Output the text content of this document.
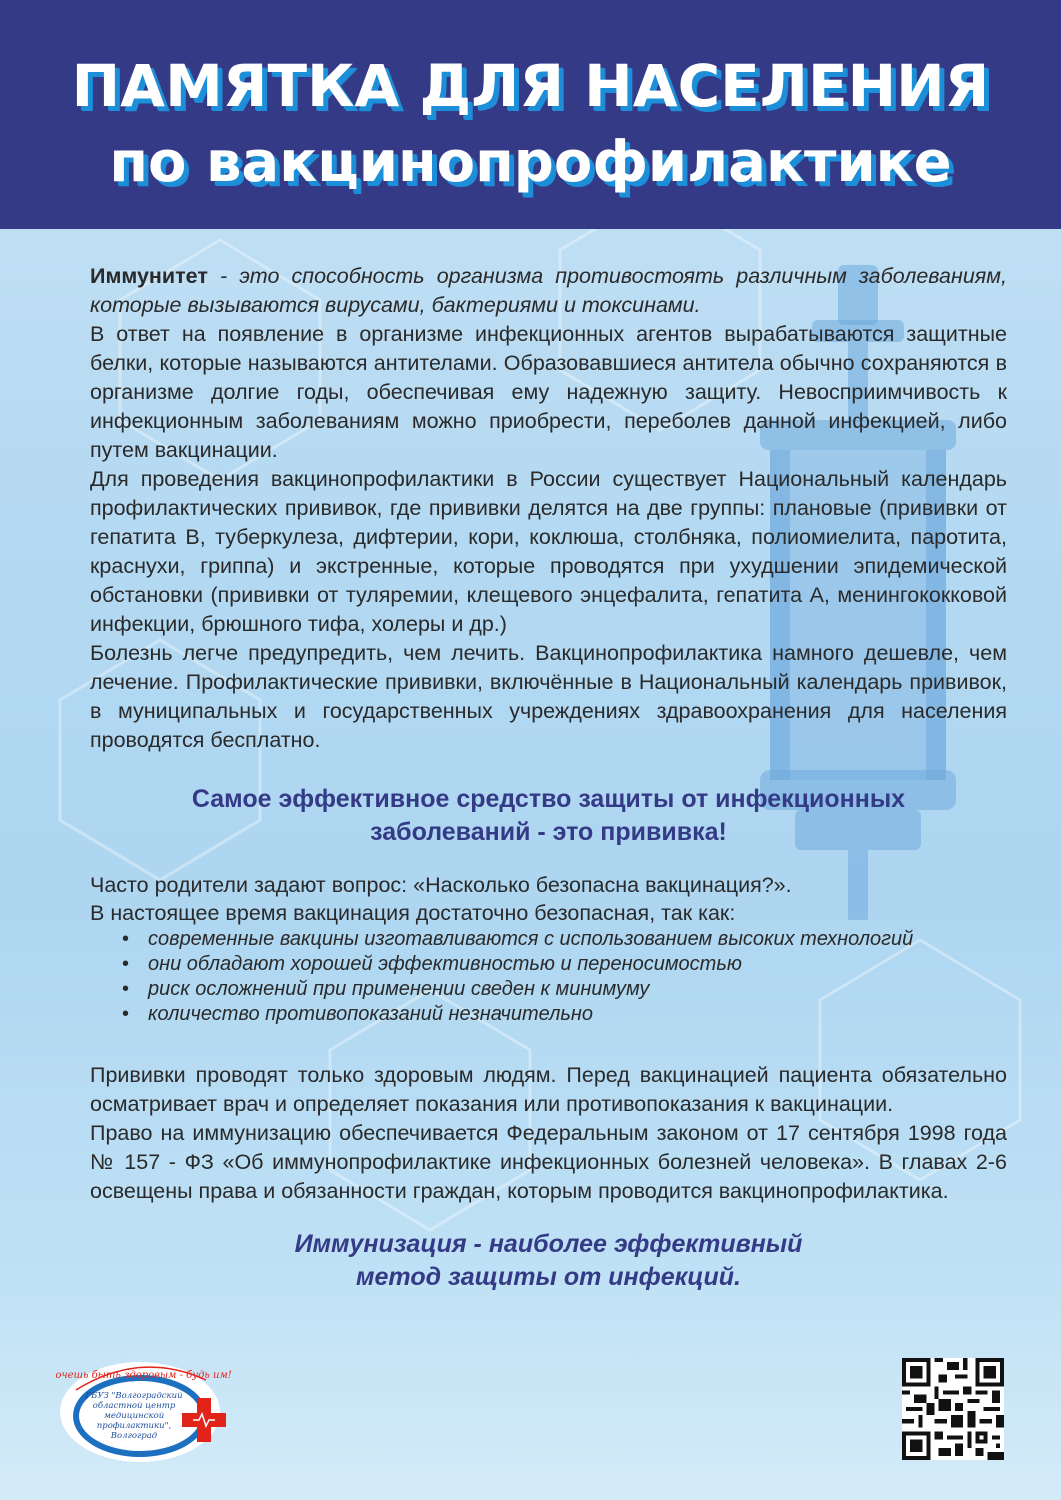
ПАМЯТКА ДЛЯ НАСЕЛЕНИЯ
по вакцинопрофилактике

Иммунитет - это способность организма противостоять различным заболеваниям, которые вызываются вирусами, бактериями и токсинами.

В ответ на появление в организме инфекционных агентов вырабатываются защитные белки, которые называются антителами. Образовавшиеся антитела обычно сохраняются в организме долгие годы, обеспечивая ему надежную защиту. Невосприимчивость к инфекционным заболеваниям можно приобрести, переболев данной инфекцией, либо путем вакцинации.

Для проведения вакцинопрофилактики в России существует Национальный календарь профилактических прививок, где прививки делятся на две группы: плановые (прививки от гепатита В, туберкулеза, дифтерии, кори, коклюша, столбняка, полиомиелита, паротита, краснухи, гриппа) и экстренные, которые проводятся при ухудшении эпидемической обстановки (прививки от туляремии, клещевого энцефалита, гепатита А, менингококковой инфекции, брюшного тифа, холеры и др.)

Болезнь легче предупредить, чем лечить. Вакцинопрофилактика намного дешевле, чем лечение. Профилактические прививки, включённые в Национальный календарь прививок, в муниципальных и государственных учреждениях здравоохранения для населения проводятся бесплатно.

Самое эффективное средство защиты от инфекционных
заболеваний - это прививка!

Часто родители задают вопрос: «Насколько безопасна вакцинация?».

В настоящее время вакцинация достаточно безопасная, так как:

• современные вакцины изготавливаются с использованием высоких технологий
• они обладают хорошей эффективностью и переносимостью
• риск осложнений при применении сведен к минимуму
• количество противопоказаний незначительно

Прививки проводят только здоровым людям. Перед вакцинацией пациента обязательно осматривает врач и определяет показания или противопоказания к вакцинации.

Право на иммунизацию обеспечивается Федеральным законом от 17 сентября 1998 года № 157 - ФЗ «Об иммунопрофилактике инфекционных болезней человека». В главах 2-6 освещены права и обязанности граждан, которым проводится вакцинопрофилактика.

Иммунизация - наиболее эффективный
метод защиты от инфекций.
Хочешь быть здоровым - будь им!
ГБУЗ "Волгоградский
областной центр
медицинской
профилактики",
Волгоград
